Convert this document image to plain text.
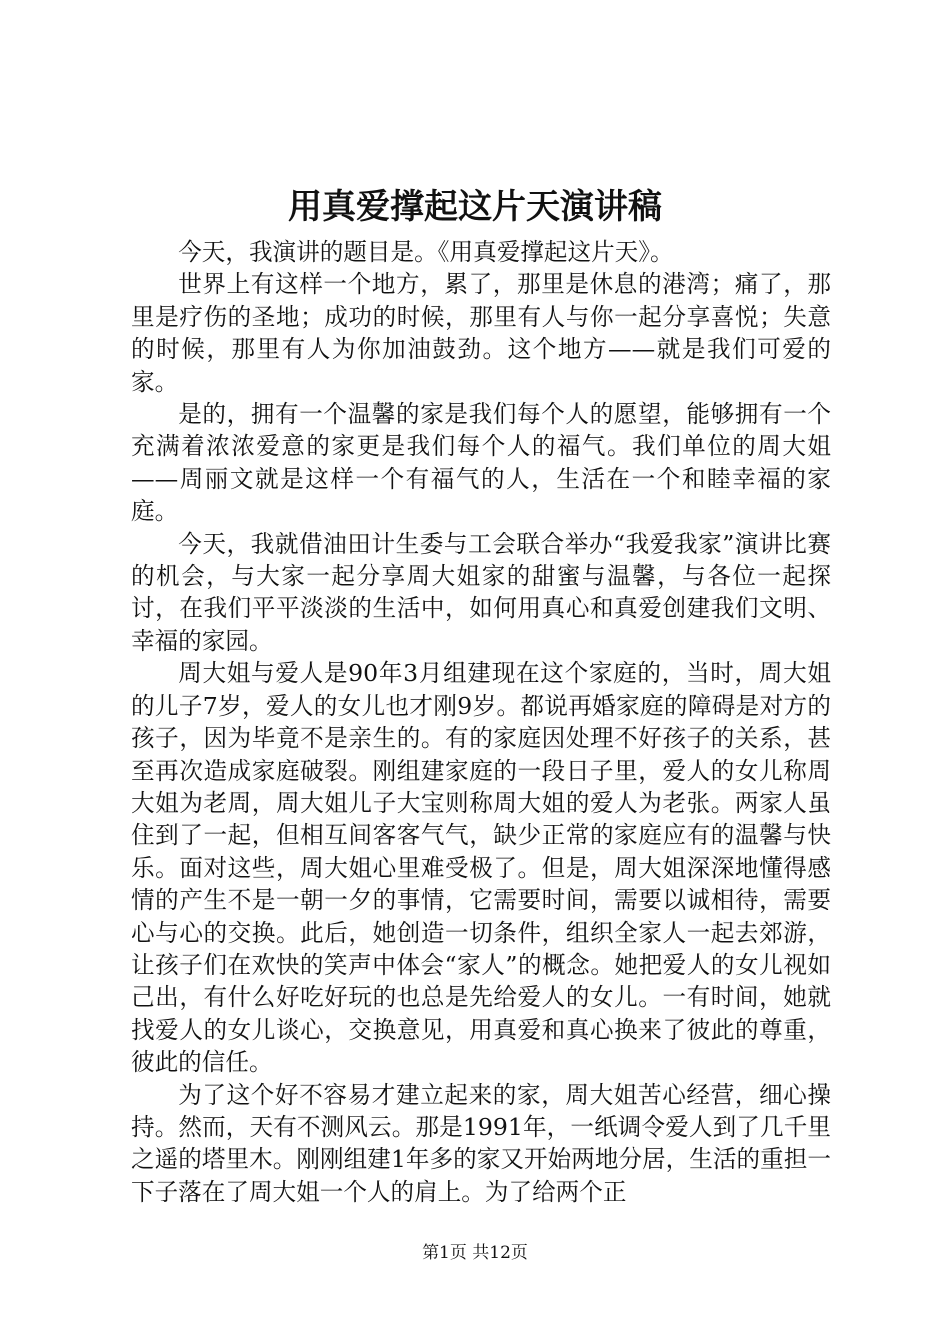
用真爱撑起这片天演讲稿

今天，我演讲的题目是。《用真爱撑起这片天》。

世界上有这样一个地方，累了，那里是休息的港湾；痛了，那里是疗伤的圣地；成功的时候，那里有人与你一起分享喜悦；失意的时候，那里有人为你加油鼓劲。这个地方——就是我们可爱的家。

是的，拥有一个温馨的家是我们每个人的愿望，能够拥有一个充满着浓浓爱意的家更是我们每个人的福气。我们单位的周大姐——周丽文就是这样一个有福气的人，生活在一个和睦幸福的家庭。

今天，我就借油田计生委与工会联合举办“我爱我家”演讲比赛的机会，与大家一起分享周大姐家的甜蜜与温馨，与各位一起探讨，在我们平平淡淡的生活中，如何用真心和真爱创建我们文明、幸福的家园。

周大姐与爱人是90年3月组建现在这个家庭的，当时，周大姐的儿子7岁，爱人的女儿也才刚9岁。都说再婚家庭的障碍是对方的孩子，因为毕竟不是亲生的。有的家庭因处理不好孩子的关系，甚至再次造成家庭破裂。刚组建家庭的一段日子里，爱人的女儿称周大姐为老周，周大姐儿子大宝则称周大姐的爱人为老张。两家人虽住到了一起，但相互间客客气气，缺少正常的家庭应有的温馨与快乐。面对这些，周大姐心里难受极了。但是，周大姐深深地懂得感情的产生不是一朝一夕的事情，它需要时间，需要以诚相待，需要心与心的交换。此后，她创造一切条件，组织全家人一起去郊游，让孩子们在欢快的笑声中体会“家人”的概念。她把爱人的女儿视如己出，有什么好吃好玩的也总是先给爱人的女儿。一有时间，她就找爱人的女儿谈心，交换意见，用真爱和真心换来了彼此的尊重，彼此的信任。

为了这个好不容易才建立起来的家，周大姐苦心经营，细心操持。然而，天有不测风云。那是1991年，一纸调令爱人到了几千里之遥的塔里木。刚刚组建1年多的家又开始两地分居，生活的重担一下子落在了周大姐一个人的肩上。为了给两个正

第1页 共12页
